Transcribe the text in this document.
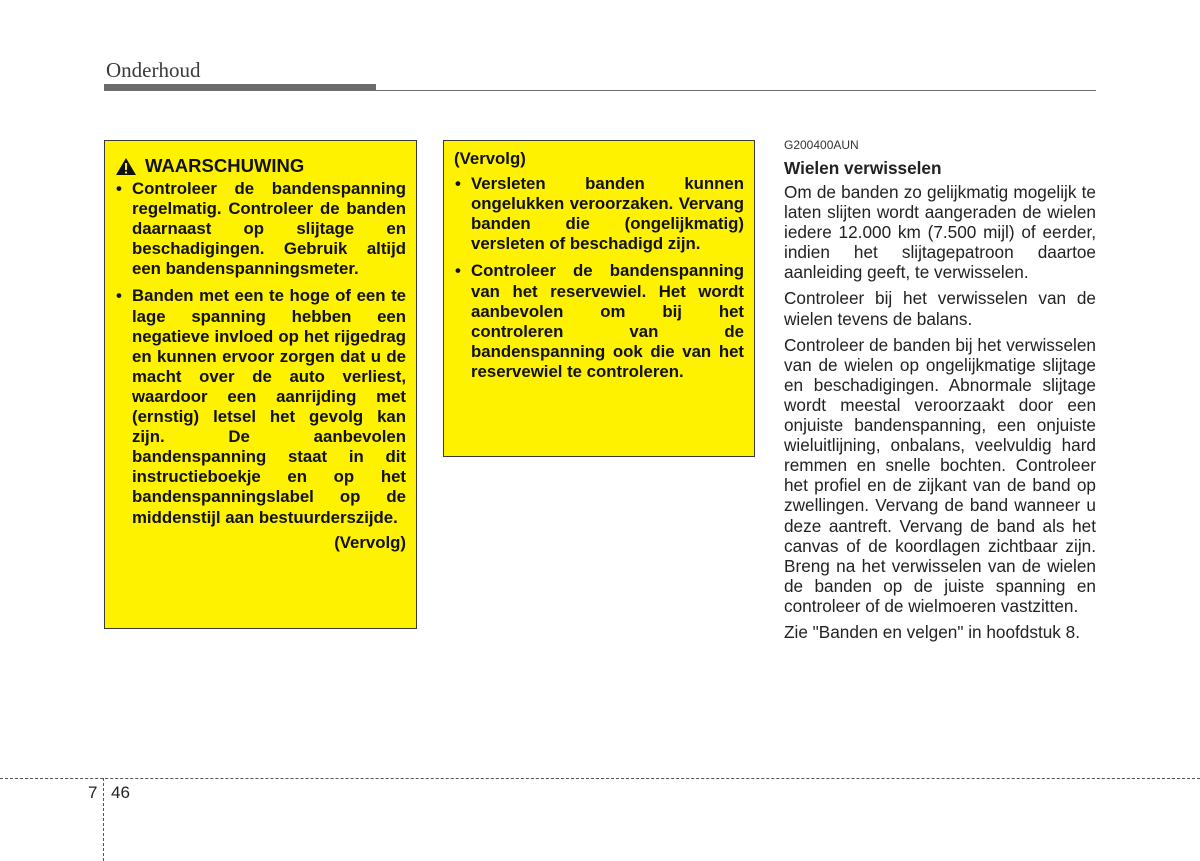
Onderhoud
WAARSCHUWING
• Controleer de bandenspanning regelmatig. Controleer de banden daarnaast op slijtage en beschadigingen. Gebruik altijd een bandenspanningsmeter.
• Banden met een te hoge of een te lage spanning hebben een negatieve invloed op het rijgedrag en kunnen ervoor zorgen dat u de macht over de auto verliest, waardoor een aanrijding met (ernstig) letsel het gevolg kan zijn. De aanbevolen bandenspanning staat in dit instructieboekje en op het bandenspanningslabel op de middenstijl aan bestuurderszijde.
(Vervolg)
(Vervolg)
• Versleten banden kunnen ongelukken veroorzaken. Vervang banden die (ongelijkmatig) versleten of beschadigd zijn.
• Controleer de bandenspanning van het reservewiel. Het wordt aanbevolen om bij het controleren van de bandenspanning ook die van het reservewiel te controleren.
G200400AUN
Wielen verwisselen

Om de banden zo gelijkmatig mogelijk te laten slijten wordt aangeraden de wielen iedere 12.000 km (7.500 mijl) of eerder, indien het slijtagepatroon daartoe aanleiding geeft, te verwisselen.

Controleer bij het verwisselen van de wielen tevens de balans.

Controleer de banden bij het verwisselen van de wielen op ongelijkmatige slijtage en beschadigingen. Abnormale slijtage wordt meestal veroorzaakt door een onjuiste bandenspanning, een onjuiste wieluitlijning, onbalans, veelvuldig hard remmen en snelle bochten. Controleer het profiel en de zijkant van de band op zwellingen. Vervang de band wanneer u deze aantreft. Vervang de band als het canvas of de koordlagen zichtbaar zijn. Breng na het verwisselen van de wielen de banden op de juiste spanning en controleer of de wielmoeren vastzitten.

Zie "Banden en velgen" in hoofdstuk 8.

7 46
